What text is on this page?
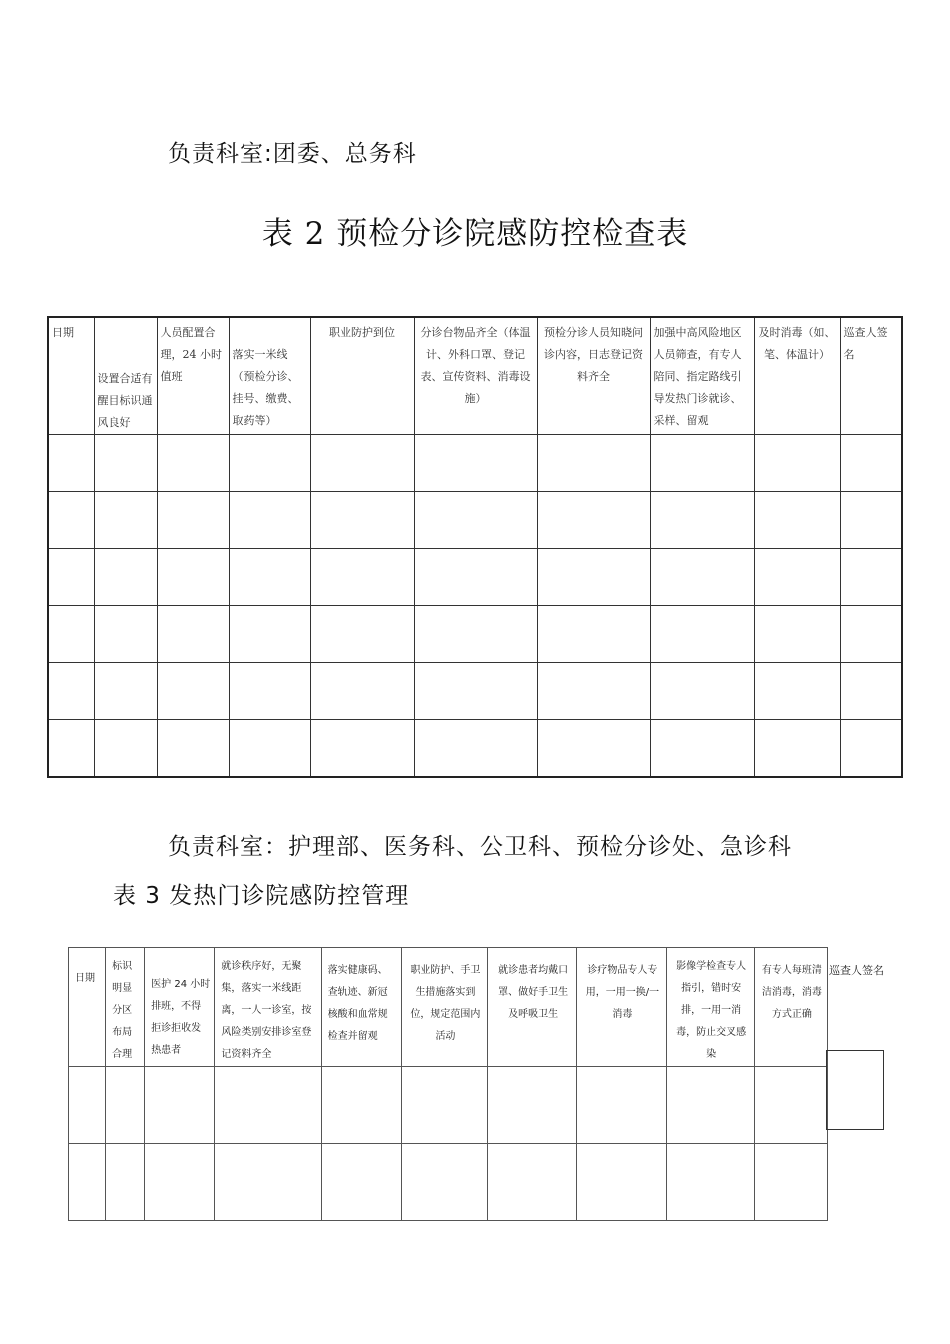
负责科室:团委、总务科
表 2 预检分诊院感防控检查表
日期	设置合适有醒目标识通风良好	人员配置合理，24 小时值班	落实一米线（预检分诊、挂号、缴费、取药等）	职业防护到位	分诊台物品齐全（体温计、外科口罩、登记表、宣传资料、消毒设施）	预检分诊人员知晓问诊内容，日志登记资料齐全	加强中高风险地区人员筛查，有专人陪同、指定路线引导发热门诊就诊、采样、留观	及时消毒（如、笔、体温计）	巡查人签名

负责科室：护理部、医务科、公卫科、预检分诊处、急诊科
表 3 发热门诊院感防控管理
日期	标识明显分区布局合理	医护 24 小时排班，不得拒诊拒收发热患者	就诊秩序好，无聚集，落实一米线距离，一人一诊室，按风险类别安排诊室登记资料齐全	落实健康码、查轨迹、新冠核酸和血常规检查并留观	职业防护、手卫生措施落实到位，规定范围内活动	就诊患者均戴口罩、做好手卫生及呼吸卫生	诊疗物品专人专用，一用一换/一消毒	影像学检查专人指引，错时安排，一用一消毒，防止交叉感染	有专人每班清洁消毒，消毒方式正确

巡查人签名
